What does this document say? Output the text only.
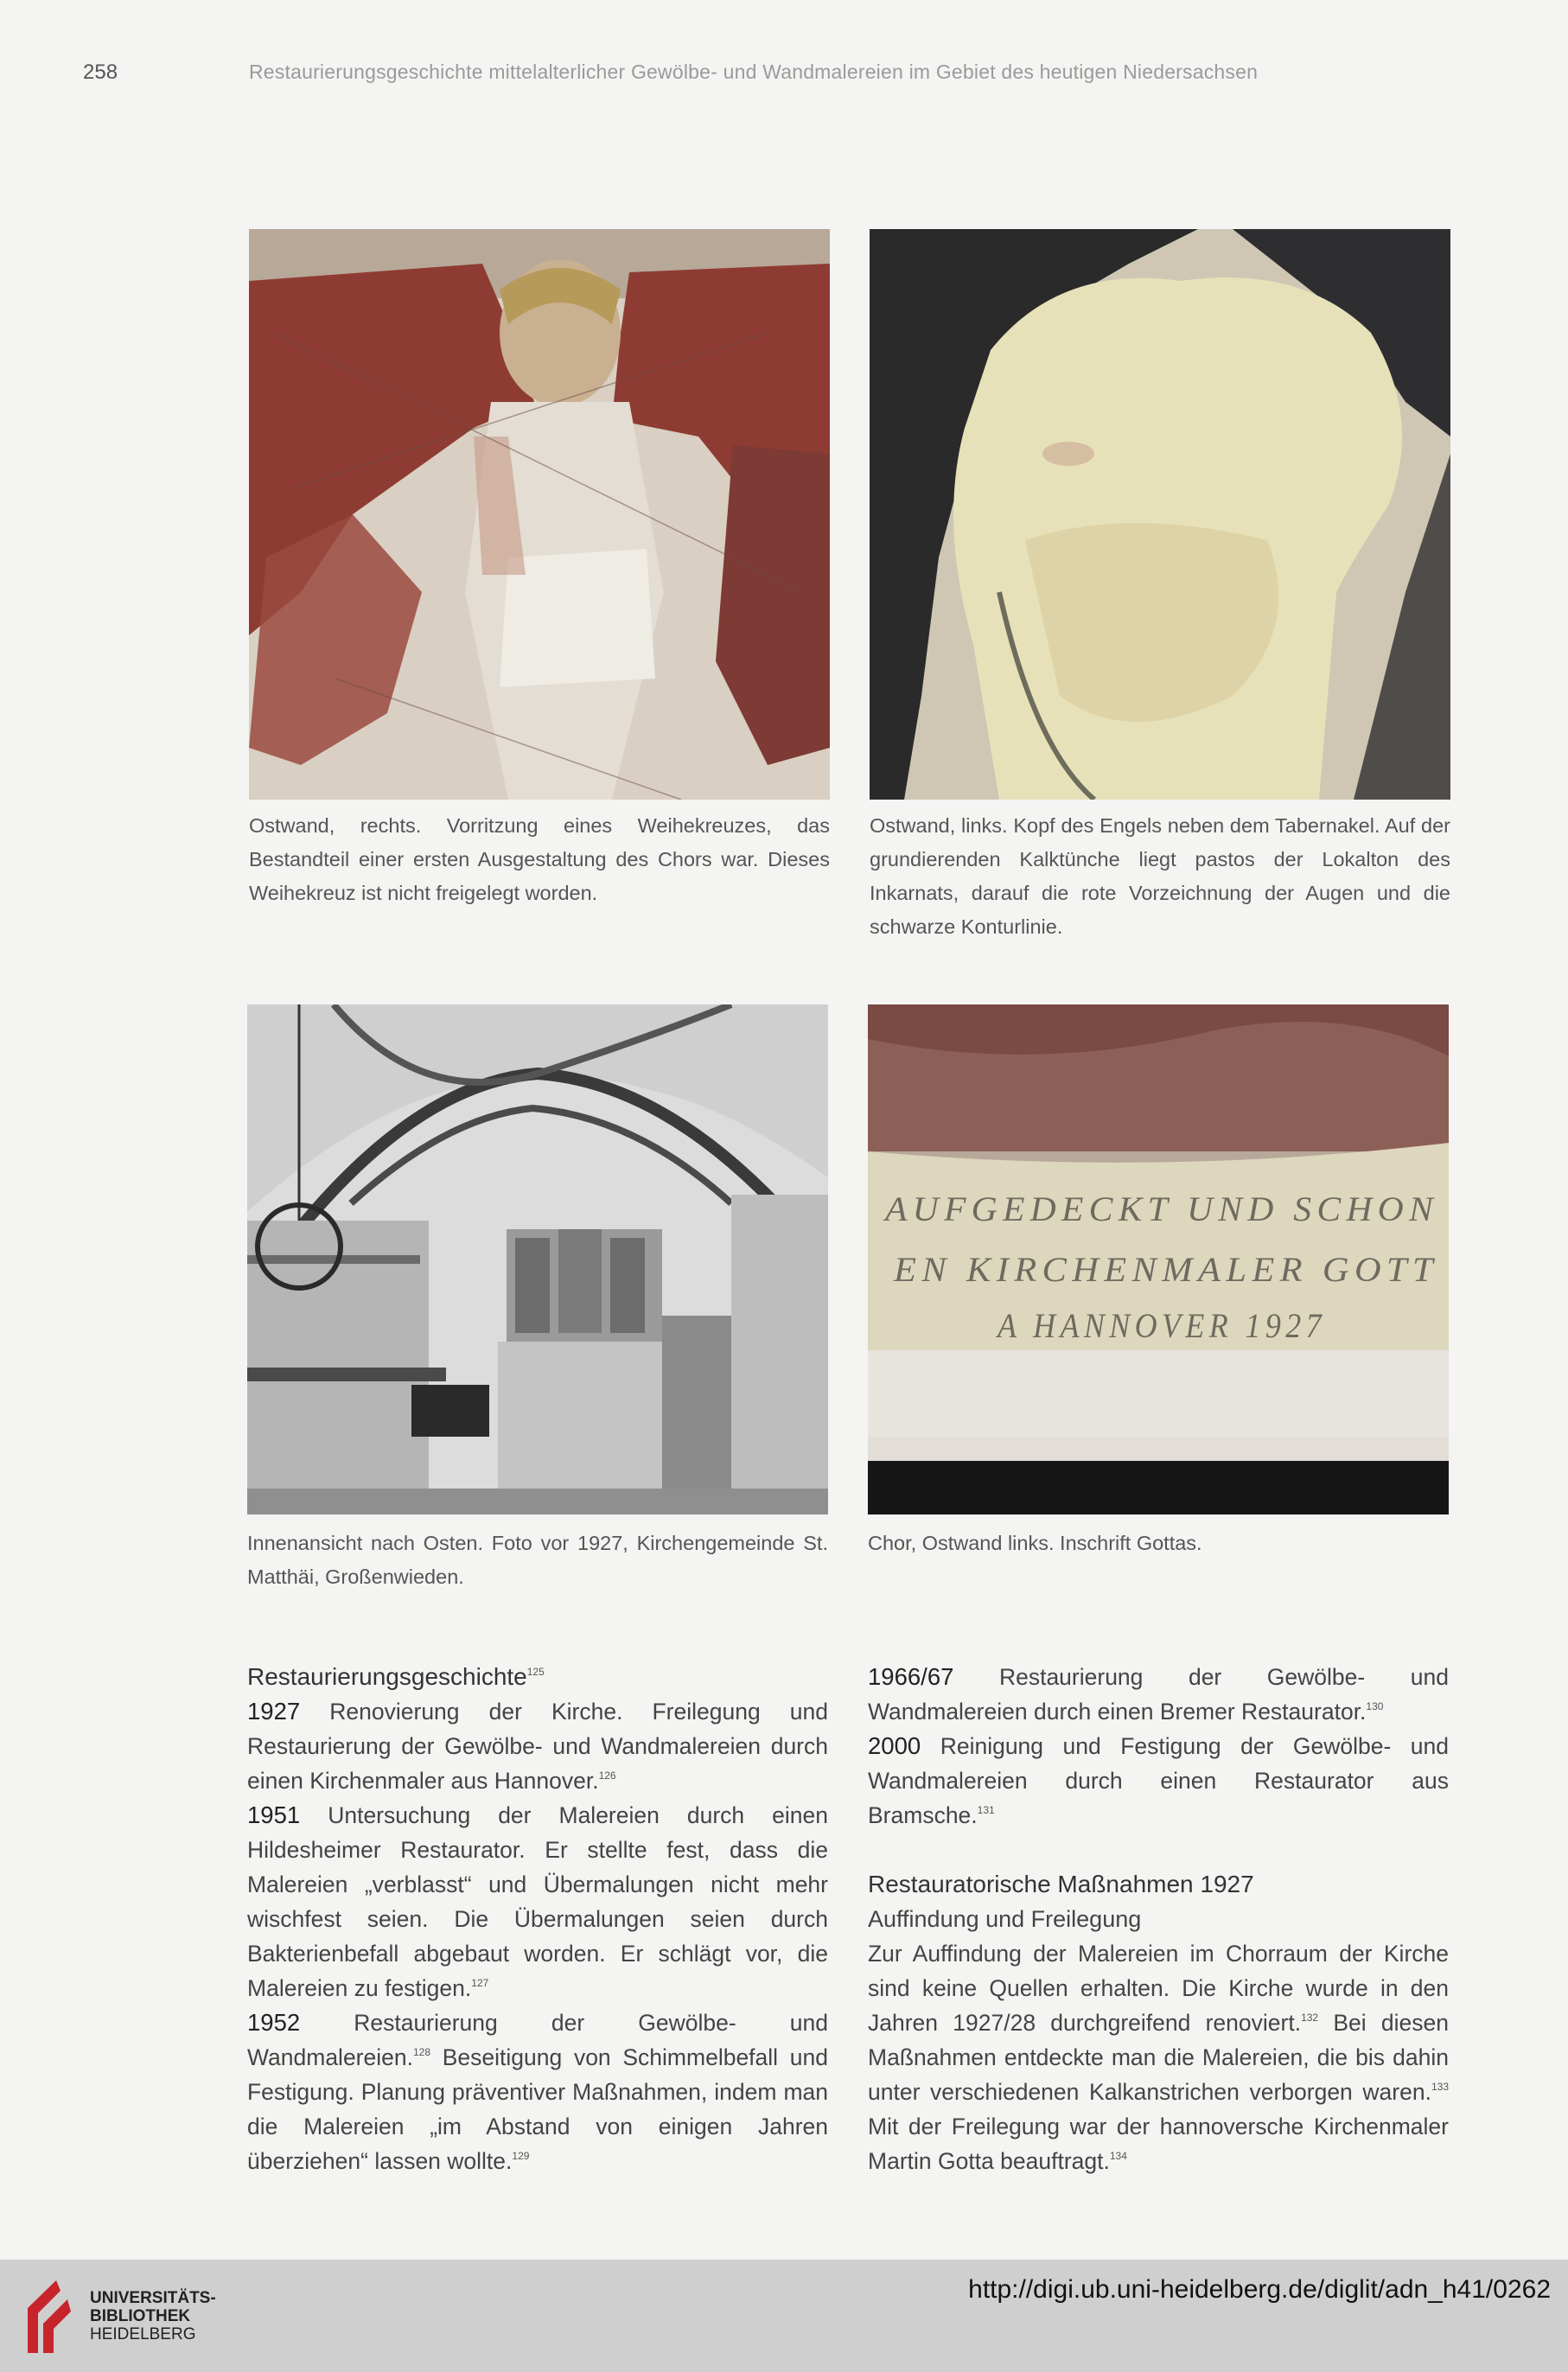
258	Restaurierungsgeschichte mittelalterlicher Gewölbe- und Wandmalereien im Gebiet des heutigen Niedersachsen
Ostwand, rechts. Vorritzung eines Weihekreuzes, das Bestandteil einer ersten Ausgestaltung des Chors war. Dieses Weihekreuz ist nicht freigelegt worden.
Ostwand, links. Kopf des Engels neben dem Tabernakel. Auf der grundierenden Kalktünche liegt pastos der Lokalton des Inkarnats, darauf die rote Vorzeichnung der Augen und die schwarze Konturlinie.
AUFGEDECKT UND SCHON
EN KIRCHENMALER GOTT
A HANNOVER 1927
Innenansicht nach Osten. Foto vor 1927, Kirchengemeinde St. Matthäi, Großenwieden.
Chor, Ostwand links. Inschrift Gottas.
Restaurierungsgeschichte$^{125}$

1927 Renovierung der Kirche. Freilegung und Restaurierung der Gewölbe- und Wandmalereien durch einen Kirchenmaler aus Hannover.$^{126}$

1951 Untersuchung der Malereien durch einen Hildesheimer Restaurator. Er stellte fest, dass die Malereien „verblasst“ und Übermalungen nicht mehr wischfest seien. Die Übermalungen seien durch Bakterienbefall abgebaut worden. Er schlägt vor, die Malereien zu festigen.$^{127}$

1952 Restaurierung der Gewölbe- und Wandmalereien.$^{128}$ Beseitigung von Schimmelbefall und Festigung. Planung präventiver Maßnahmen, indem man die Malereien „im Abstand von einigen Jahren überziehen“ lassen wollte.$^{129}$

1966/67 Restaurierung der Gewölbe- und Wandmalereien durch einen Bremer Restaurator.$^{130}$

2000 Reinigung und Festigung der Gewölbe- und Wandmalereien durch einen Restaurator aus Bramsche.$^{131}$

Restauratorische Maßnahmen 1927
Auffindung und Freilegung

Zur Auffindung der Malereien im Chorraum der Kirche sind keine Quellen erhalten. Die Kirche wurde in den Jahren 1927/28 durchgreifend renoviert.$^{132}$ Bei diesen Maßnahmen entdeckte man die Malereien, die bis dahin unter verschiedenen Kalkanstrichen verborgen waren.$^{133}$ Mit der Freilegung war der hannoversche Kirchenmaler Martin Gotta beauftragt.$^{134}$

UNIVERSITÄTS-
BIBLIOTHEK
HEIDELBERG
http://digi.ub.uni-heidelberg.de/diglit/adn_h41/0262
